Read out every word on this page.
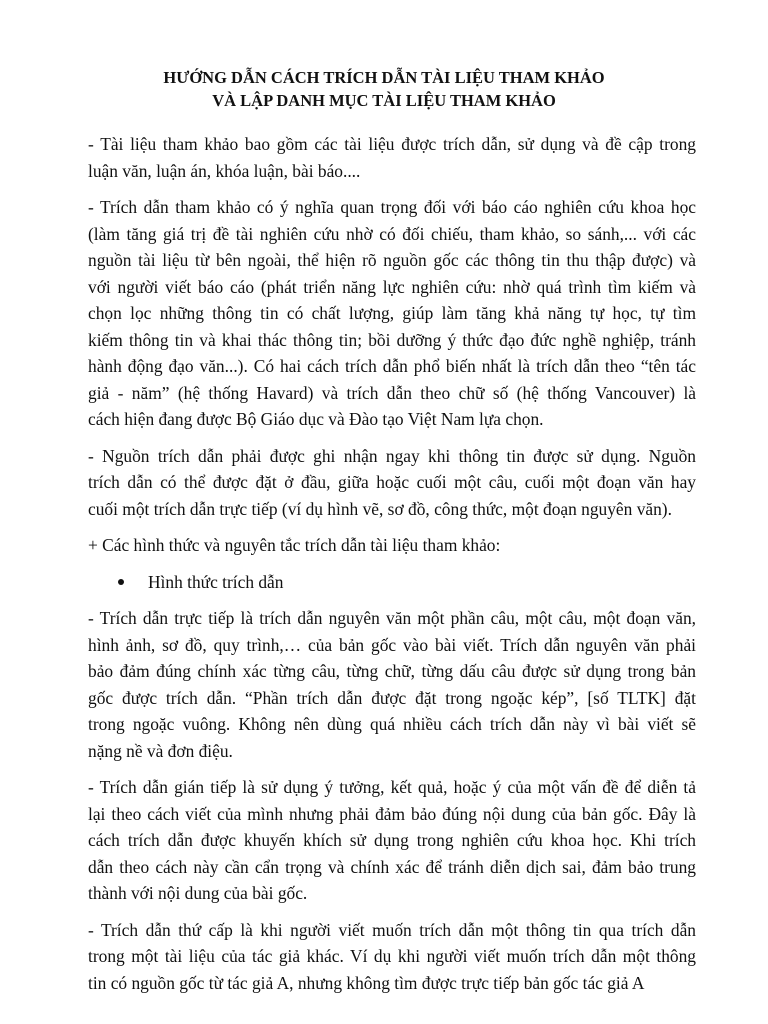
HƯỚNG DẪN CÁCH TRÍCH DẪN TÀI LIỆU THAM KHẢO
VÀ LẬP DANH MỤC TÀI LIỆU THAM KHẢO
- Tài liệu tham khảo bao gồm các tài liệu được trích dẫn, sử dụng và đề cập trong
luận văn, luận án, khóa luận, bài báo....
- Trích dẫn tham khảo có ý nghĩa quan trọng đối với báo cáo nghiên cứu khoa học
(làm tăng giá trị đề tài nghiên cứu nhờ có đối chiếu, tham khảo, so sánh,... với các
nguồn tài liệu từ bên ngoài, thể hiện rõ nguồn gốc các thông tin thu thập được) và
với người viết báo cáo (phát triển năng lực nghiên cứu: nhờ quá trình tìm kiếm và
chọn lọc những thông tin có chất lượng, giúp làm tăng khả năng tự học, tự tìm
kiếm thông tin và khai thác thông tin; bồi dưỡng ý thức đạo đức nghề nghiệp, tránh
hành động đạo văn...). Có hai cách trích dẫn phổ biến nhất là trích dẫn theo “tên tác
giả - năm” (hệ thống Havard) và trích dẫn theo chữ số (hệ thống Vancouver) là
cách hiện đang được Bộ Giáo dục và Đào tạo Việt Nam lựa chọn.
- Nguồn trích dẫn phải được ghi nhận ngay khi thông tin được sử dụng. Nguồn
trích dẫn có thể được đặt ở đầu, giữa hoặc cuối một câu, cuối một đoạn văn hay
cuối một trích dẫn trực tiếp (ví dụ hình vẽ, sơ đồ, công thức, một đoạn nguyên văn).
+ Các hình thức và nguyên tắc trích dẫn tài liệu tham khảo:
Hình thức trích dẫn
- Trích dẫn trực tiếp là trích dẫn nguyên văn một phần câu, một câu, một đoạn văn,
hình ảnh, sơ đồ, quy trình,… của bản gốc vào bài viết. Trích dẫn nguyên văn phải
bảo đảm đúng chính xác từng câu, từng chữ, từng dấu câu được sử dụng trong bản
gốc được trích dẫn. “Phần trích dẫn được đặt trong ngoặc kép”, [số TLTK] đặt
trong ngoặc vuông. Không nên dùng quá nhiều cách trích dẫn này vì bài viết sẽ
nặng nề và đơn điệu.
- Trích dẫn gián tiếp là sử dụng ý tưởng, kết quả, hoặc ý của một vấn đề để diễn tả
lại theo cách viết của mình nhưng phải đảm bảo đúng nội dung của bản gốc. Đây là
cách trích dẫn được khuyến khích sử dụng trong nghiên cứu khoa học. Khi trích
dẫn theo cách này cần cẩn trọng và chính xác để tránh diễn dịch sai, đảm bảo trung
thành với nội dung của bài gốc.
- Trích dẫn thứ cấp là khi người viết muốn trích dẫn một thông tin qua trích dẫn
trong một tài liệu của tác giả khác. Ví dụ khi người viết muốn trích dẫn một thông
tin có nguồn gốc từ tác giả A, nhưng không tìm được trực tiếp bản gốc tác giả A
